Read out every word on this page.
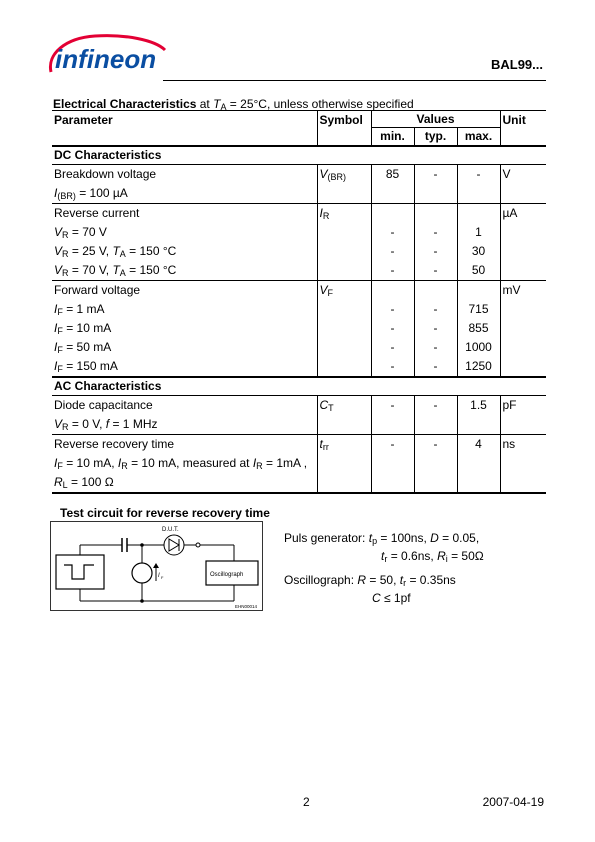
infineon	BAL99...
Electrical Characteristics at $T_A = 25^\circ C$, unless otherwise specified
Parameter	Symbol	Values			Unit
		min.	typ.	max.	
DC Characteristics					
Breakdown voltage	$V_{(BR)}$	85	-	-	V
$I_{(BR)} = 100$ µA					
Reverse current	$I_R$				µA
$V_R = 70$ V		-	-	1	
$V_R = 25$ V, $T_A = 150$ °C		-	-	30	
$V_R = 70$ V, $T_A = 150$ °C		-	-	50	
Forward voltage	$V_F$				mV
$I_F = 1$ mA		-	-	715	
$I_F = 10$ mA		-	-	855	
$I_F = 50$ mA		-	-	1000	
$I_F = 150$ mA		-	-	1250	
AC Characteristics					
Diode capacitance	$C_T$	-	-	1.5	pF
$V_R = 0$ V, f = 1 MHz					
Reverse recovery time	$t_{rr}$	-	-	4	ns
$I_F = 10$ mA, $I_R = 10$ mA, measured at $I_R = 1mA$ ,					
$R_L = 100$ Ω					
Test circuit for reverse recovery time
D.U.T.
I F	Oscillograph
EHN00014
Puls generator: $t_p = 100ns$, D = 0.05,
$t_r = 0.6ns$, $R_i = 50\Omega$
Oscillograph: R = 50, $t_r = 0.35ns$
C ≤ 1pf
2	2007-04-19
